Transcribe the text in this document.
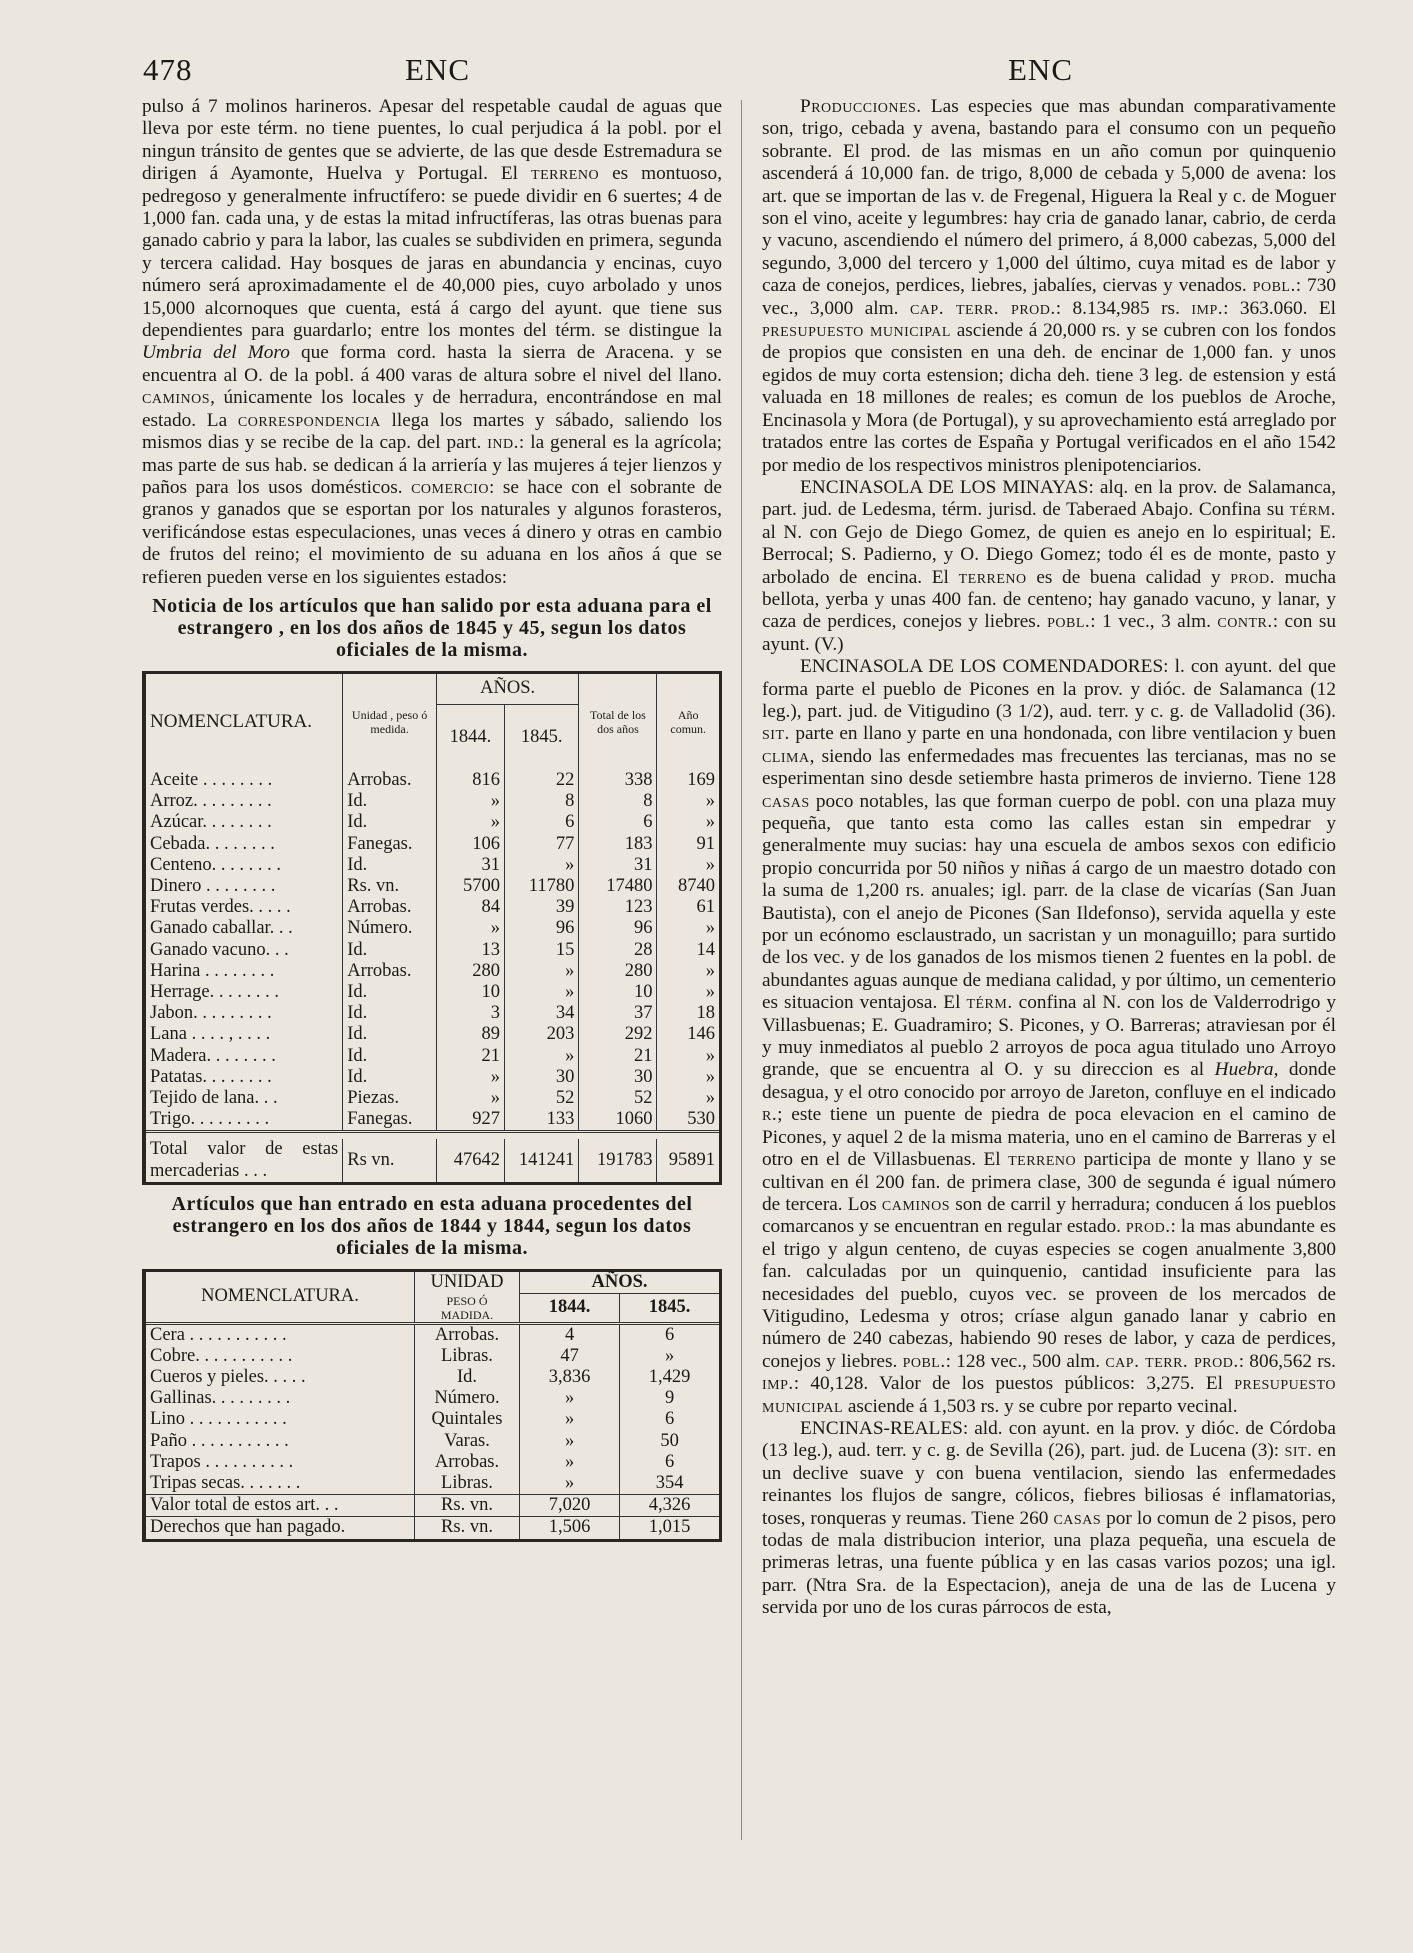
478	ENC	ENC

pulso á 7 molinos harineros. Apesar del respetable caudal de aguas que lleva por este térm. no tiene puentes, lo cual perjudica á la pobl. por el ningun tránsito de gentes que se advierte, de las que desde Estremadura se dirigen á Ayamonte, Huelva y Portugal. El terreno es montuoso, pedregoso y generalmente infructífero: se puede dividir en 6 suertes; 4 de 1,000 fan. cada una, y de estas la mitad infructíferas, las otras buenas para ganado cabrio y para la labor, las cuales se subdividen en primera, segunda y tercera calidad. Hay bosques de jaras en abundancia y encinas, cuyo número será aproximadamente el de 40,000 pies, cuyo arbolado y unos 15,000 alcornoques que cuenta, está á cargo del ayunt. que tiene sus dependientes para guardarlo; entre los montes del térm. se distingue la Umbria del Moro que forma cord. hasta la sierra de Aracena. y se encuentra al O. de la pobl. á 400 varas de altura sobre el nivel del llano. caminos, únicamente los locales y de herradura, encontrándose en mal estado. La correspondencia llega los martes y sábado, saliendo los mismos dias y se recibe de la cap. del part. ind.: la general es la agrícola; mas parte de sus hab. se dedican á la arriería y las mujeres á tejer lienzos y paños para los usos domésticos. comercio: se hace con el sobrante de granos y ganados que se esportan por los naturales y algunos forasteros, verificándose estas especulaciones, unas veces á dinero y otras en cambio de frutos del reino; el movimiento de su aduana en los años á que se refieren pueden verse en los siguientes estados:

Noticia de los artículos que han salido por esta aduana para el estrangero , en los dos años de 1845 y 45, segun los datos oficiales de la misma.
NOMENCLATURA.	Unidad , peso ó medida.	AÑOS.		Total de los dos años	Año comun.
		1844.	1845.		
Aceite . . . . . . . .	Arrobas.	816	22	338	169
Arroz. . . . . . . . .	Id.	»	8	8	»
Azúcar. . . . . . . .	Id.	»	6	6	»
Cebada. . . . . . . .	Fanegas.	106	77	183	91
Centeno. . . . . . . .	Id.	31	»	31	»
Dinero . . . . . . . .	Rs. vn.	5700	11780	17480	8740
Frutas verdes. . . . .	Arrobas.	84	39	123	61
Ganado caballar. . .	Número.	»	96	96	»
Ganado vacuno. . .	Id.	13	15	28	14
Harina . . . . . . . .	Arrobas.	280	»	280	»
Herrage. . . . . . . .	Id.	10	»	10	»
Jabon. . . . . . . . .	Id.	3	34	37	18
Lana . . . . , . . . .	Id.	89	203	292	146
Madera. . . . . . . .	Id.	21	»	21	»
Patatas. . . . . . . .	Id.	»	30	30	»
Tejido de lana. . .	Piezas.	»	52	52	»
Trigo. . . . . . . . .	Fanegas.	927	133	1060	530

Total valor de estas mercaderias . . .	Rs vn.	47642	141241	191783	95891
Artículos que han entrado en esta aduana procedentes del estrangero en los dos años de 1844 y 1844, segun los datos oficiales de la misma.
NOMENCLATURA.	UNIDAD	AÑOS.	
	PESO Ó	1844.	1845.
	MADIDA.		
Cera . . . . . . . . . . .	Arrobas.	4	6
Cobre. . . . . . . . . . .	Libras.	47	»
Cueros y pieles. . . . .	Id.	3,836	1,429
Gallinas. . . . . . . . .	Número.	»	9
Lino . . . . . . . . . . .	Quintales	»	6
Paño . . . . . . . . . . .	Varas.	»	50
Trapos . . . . . . . . . .	Arrobas.	»	6
Tripas secas. . . . . . .	Libras.	»	354
Valor total de estos art. . .	Rs. vn.	7,020	4,326
Derechos que han pagado.	Rs. vn.	1,506	1,015

Producciones. Las especies que mas abundan comparativamente son, trigo, cebada y avena, bastando para el consumo con un pequeño sobrante. El prod. de las mismas en un año comun por quinquenio ascenderá á 10,000 fan. de trigo, 8,000 de cebada y 5,000 de avena: los art. que se importan de las v. de Fregenal, Higuera la Real y c. de Moguer son el vino, aceite y legumbres: hay cria de ganado lanar, cabrio, de cerda y vacuno, ascendiendo el número del primero, á 8,000 cabezas, 5,000 del segundo, 3,000 del tercero y 1,000 del último, cuya mitad es de labor y caza de conejos, perdices, liebres, jabalíes, ciervas y venados. pobl.: 730 vec., 3,000 alm. cap. terr. prod.: 8.134,985 rs. imp.: 363.060. El presupuesto municipal asciende á 20,000 rs. y se cubren con los fondos de propios que consisten en una deh. de encinar de 1,000 fan. y unos egidos de muy corta estension; dicha deh. tiene 3 leg. de estension y está valuada en 18 millones de reales; es comun de los pueblos de Aroche, Encinasola y Mora (de Portugal), y su aprovechamiento está arreglado por tratados entre las cortes de España y Portugal verificados en el año 1542 por medio de los respectivos ministros plenipotenciarios.

ENCINASOLA DE LOS MINAYAS: alq. en la prov. de Salamanca, part. jud. de Ledesma, térm. jurisd. de Taberaed Abajo. Confina su térm. al N. con Gejo de Diego Gomez, de quien es anejo en lo espiritual; E. Berrocal; S. Padierno, y O. Diego Gomez; todo él es de monte, pasto y arbolado de encina. El terreno es de buena calidad y prod. mucha bellota, yerba y unas 400 fan. de centeno; hay ganado vacuno, y lanar, y caza de perdices, conejos y liebres. pobl.: 1 vec., 3 alm. contr.: con su ayunt. (V.)

ENCINASOLA DE LOS COMENDADORES: l. con ayunt. del que forma parte el pueblo de Picones en la prov. y dióc. de Salamanca (12 leg.), part. jud. de Vitigudino (3 1/2), aud. terr. y c. g. de Valladolid (36). sit. parte en llano y parte en una hondonada, con libre ventilacion y buen clima, siendo las enfermedades mas frecuentes las tercianas, mas no se esperimentan sino desde setiembre hasta primeros de invierno. Tiene 128 casas poco notables, las que forman cuerpo de pobl. con una plaza muy pequeña, que tanto esta como las calles estan sin empedrar y generalmente muy sucias: hay una escuela de ambos sexos con edificio propio concurrida por 50 niños y niñas á cargo de un maestro dotado con la suma de 1,200 rs. anuales; igl. parr. de la clase de vicarías (San Juan Bautista), con el anejo de Picones (San Ildefonso), servida aquella y este por un ecónomo esclaustrado, un sacristan y un monaguillo; para surtido de los vec. y de los ganados de los mismos tienen 2 fuentes en la pobl. de abundantes aguas aunque de mediana calidad, y por último, un cementerio es situacion ventajosa. El térm. confina al N. con los de Valderrodrigo y Villasbuenas; E. Guadramiro; S. Picones, y O. Barreras; atraviesan por él y muy inmediatos al pueblo 2 arroyos de poca agua titulado uno Arroyo grande, que se encuentra al O. y su direccion es al Huebra, donde desagua, y el otro conocido por arroyo de Jareton, confluye en el indicado r.; este tiene un puente de piedra de poca elevacion en el camino de Picones, y aquel 2 de la misma materia, uno en el camino de Barreras y el otro en el de Villasbuenas. El terreno participa de monte y llano y se cultivan en él 200 fan. de primera clase, 300 de segunda é igual número de tercera. Los caminos son de carril y herradura; conducen á los pueblos comarcanos y se encuentran en regular estado. prod.: la mas abundante es el trigo y algun centeno, de cuyas especies se cogen anualmente 3,800 fan. calculadas por un quinquenio, cantidad insuficiente para las necesidades del pueblo, cuyos vec. se proveen de los mercados de Vitigudino, Ledesma y otros; críase algun ganado lanar y cabrio en número de 240 cabezas, habiendo 90 reses de labor, y caza de perdices, conejos y liebres. pobl.: 128 vec., 500 alm. cap. terr. prod.: 806,562 rs. imp.: 40,128. Valor de los puestos públicos: 3,275. El presupuesto municipal asciende á 1,503 rs. y se cubre por reparto vecinal.

ENCINAS-REALES: ald. con ayunt. en la prov. y dióc. de Córdoba (13 leg.), aud. terr. y c. g. de Sevilla (26), part. jud. de Lucena (3): sit. en un declive suave y con buena ventilacion, siendo las enfermedades reinantes los flujos de sangre, cólicos, fiebres biliosas é inflamatorias, toses, ronqueras y reumas. Tiene 260 casas por lo comun de 2 pisos, pero todas de mala distribucion interior, una plaza pequeña, una escuela de primeras letras, una fuente pública y en las casas varios pozos; una igl. parr. (Ntra Sra. de la Espectacion), aneja de una de las de Lucena y servida por uno de los curas párrocos de esta,
